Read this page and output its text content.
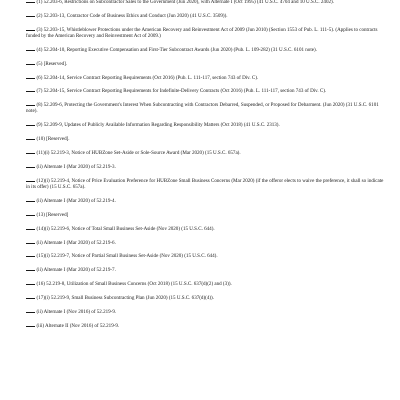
(1) 52.203-6, Restrictions on Subcontractor Sales to the Government (Jun 2020), with Alternate I (Oct 1995) (41 U.S.C. 4704 and 10 U.S.C. 2402).

(2) 52.203-13, Contractor Code of Business Ethics and Conduct (Jun 2020) (41 U.S.C. 3509)).

(3) 52.203-15, Whistleblower Protections under the American Recovery and Reinvestment Act of 2009 (Jun 2010) (Section 1553 of Pub. L. 111-5). (Applies to contracts funded by the American Recovery and Reinvestment Act of 2009.)

(4) 52.204-10, Reporting Executive Compensation and First-Tier Subcontract Awards (Jun 2020) (Pub. L. 109-282) (31 U.S.C. 6101 note).

(5) [Reserved].

(6) 52.204-14, Service Contract Reporting Requirements (Oct 2016) (Pub. L. 111-117, section 743 of Div. C).

(7) 52.204-15, Service Contract Reporting Requirements for Indefinite-Delivery Contracts (Oct 2016) (Pub. L. 111-117, section 743 of Div. C).

(8) 52.209-6, Protecting the Government's Interest When Subcontracting with Contractors Debarred, Suspended, or Proposed for Debarment. (Jun 2020) (31 U.S.C. 6101 note).

(9) 52.209-9, Updates of Publicly Available Information Regarding Responsibility Matters (Oct 2018) (41 U.S.C. 2313).

(10) [Reserved].

(11)(i) 52.219-3, Notice of HUBZone Set-Aside or Sole-Source Award (Mar 2020) (15 U.S.C. 657a).

(ii) Alternate I (Mar 2020) of 52.219-3.

(12)(i) 52.219-4, Notice of Price Evaluation Preference for HUBZone Small Business Concerns (Mar 2020) (if the offeror elects to waive the preference, it shall so indicate in its offer) (15 U.S.C. 657a).

(ii) Alternate I (Mar 2020) of 52.219-4.

(13) [Reserved]

(14)(i) 52.219-6, Notice of Total Small Business Set-Aside (Nov 2020) (15 U.S.C. 644).

(ii) Alternate I (Mar 2020) of 52.219-6.

(15)(i) 52.219-7, Notice of Partial Small Business Set-Aside (Nov 2020) (15 U.S.C. 644).

(ii) Alternate I (Mar 2020) of 52.219-7.

(16) 52.219-8, Utilization of Small Business Concerns (Oct 2018) (15 U.S.C. 637(d)(2) and (3)).

(17)(i) 52.219-9, Small Business Subcontracting Plan (Jun 2020) (15 U.S.C. 637(d)(4)).

(ii) Alternate I (Nov 2016) of 52.219-9.

(iii) Alternate II (Nov 2016) of 52.219-9.
